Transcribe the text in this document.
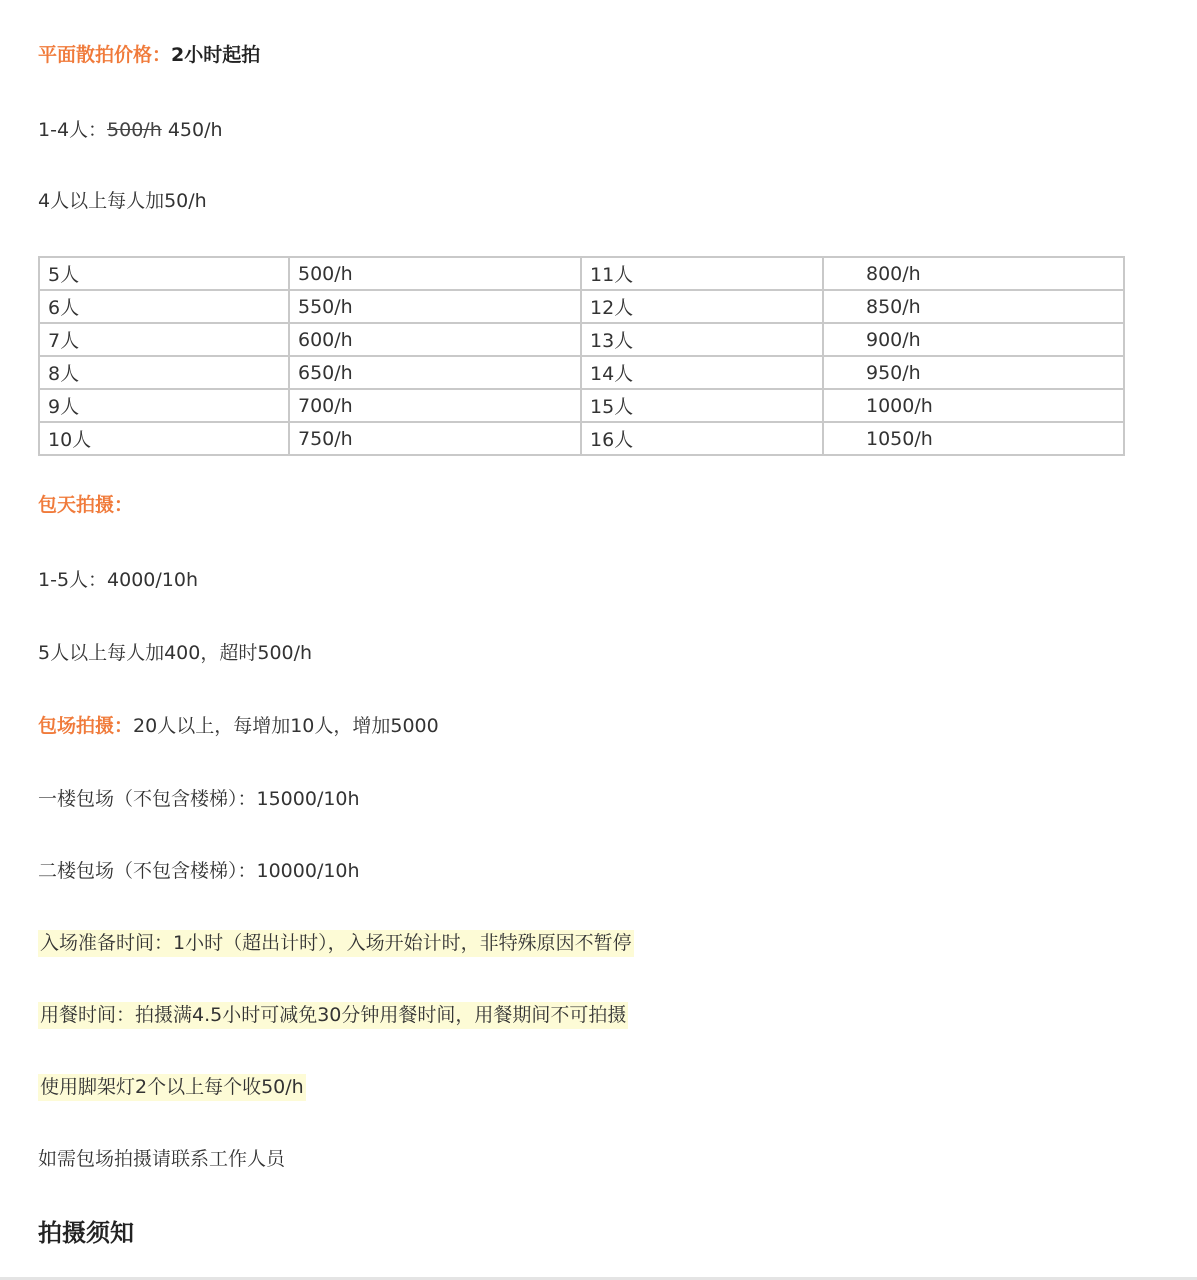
平面散拍价格：2小时起拍
1-4人：500/h 450/h
4人以上每人加50/h
5人	500/h	11人	800/h
6人	550/h	12人	850/h
7人	600/h	13人	900/h
8人	650/h	14人	950/h
9人	700/h	15人	1000/h
10人	750/h	16人	1050/h
包天拍摄：
1-5人：4000/10h
5人以上每人加400，超时500/h
包场拍摄：20人以上，每增加10人，增加5000
一楼包场（不包含楼梯）：15000/10h
二楼包场（不包含楼梯）：10000/10h
入场准备时间：1小时（超出计时），入场开始计时，非特殊原因不暂停
用餐时间：拍摄满4.5小时可减免30分钟用餐时间，用餐期间不可拍摄
使用脚架灯2个以上每个收50/h
如需包场拍摄请联系工作人员
拍摄须知
